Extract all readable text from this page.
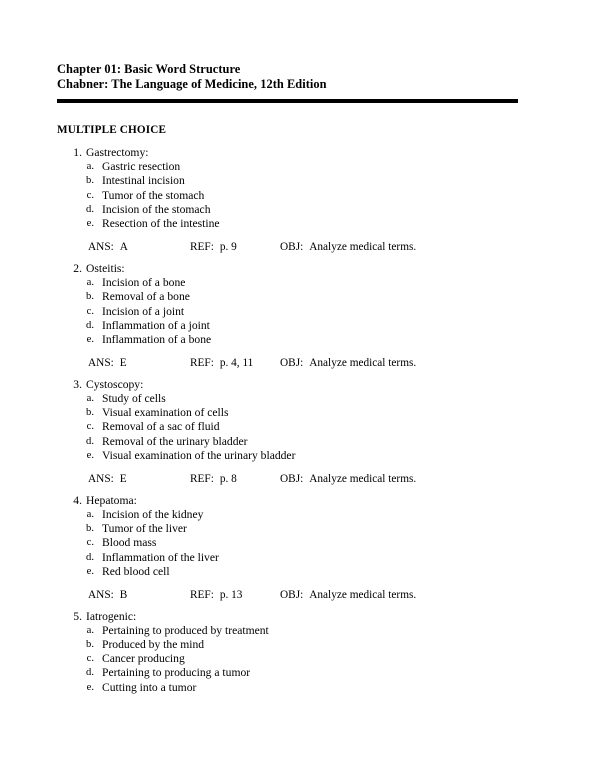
Chapter 01: Basic Word Structure
Chabner: The Language of Medicine, 12th Edition
MULTIPLE CHOICE
1. Gastrectomy:
a. Gastric resection
b. Intestinal incision
c. Tumor of the stomach
d. Incision of the stomach
e. Resection of the intestine
ANS: A	REF: p. 9	OBJ: Analyze medical terms.
2. Osteitis:
a. Incision of a bone
b. Removal of a bone
c. Incision of a joint
d. Inflammation of a joint
e. Inflammation of a bone
ANS: E	REF: p. 4, 11 OBJ: Analyze medical terms.
3. Cystoscopy:
a. Study of cells
b. Visual examination of cells
c. Removal of a sac of fluid
d. Removal of the urinary bladder
e. Visual examination of the urinary bladder
ANS: E	REF: p. 8	OBJ: Analyze medical terms.
4. Hepatoma:
a. Incision of the kidney
b. Tumor of the liver
c. Blood mass
d. Inflammation of the liver
e. Red blood cell
ANS: B	REF: p. 13	OBJ: Analyze medical terms.
5. Iatrogenic:
a. Pertaining to produced by treatment
b. Produced by the mind
c. Cancer producing
d. Pertaining to producing a tumor
e. Cutting into a tumor
